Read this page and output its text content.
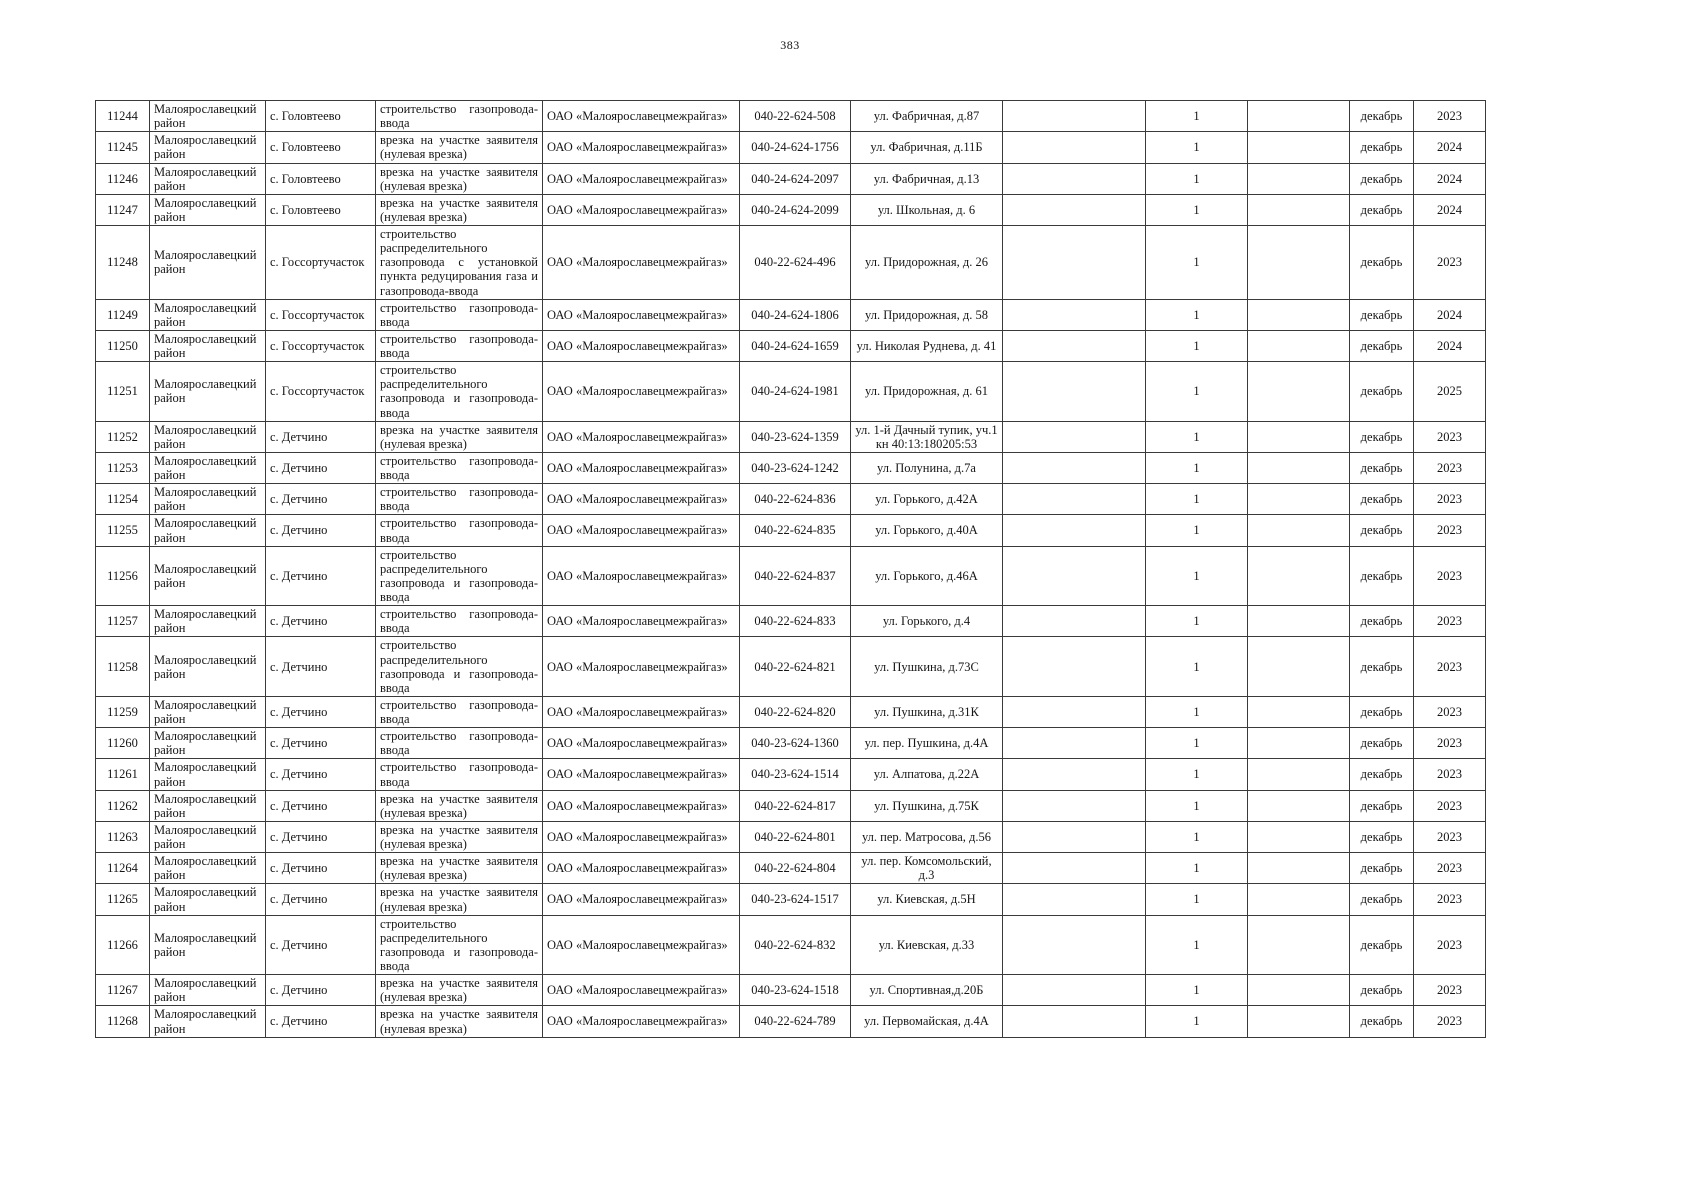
383
11244	Малоярославецкий район	с. Головтеево	строительство газопровода-ввода	ОАО «Малоярославецмежрайгаз»	040-22-624-508	ул. Фабричная, д.87		1		декабрь	2023
11245	Малоярославецкий район	с. Головтеево	врезка на участке заявителя (нулевая врезка)	ОАО «Малоярославецмежрайгаз»	040-24-624-1756	ул. Фабричная, д.11Б		1		декабрь	2024
11246	Малоярославецкий район	с. Головтеево	врезка на участке заявителя (нулевая врезка)	ОАО «Малоярославецмежрайгаз»	040-24-624-2097	ул. Фабричная, д.13		1		декабрь	2024
11247	Малоярославецкий район	с. Головтеево	врезка на участке заявителя (нулевая врезка)	ОАО «Малоярославецмежрайгаз»	040-24-624-2099	ул. Школьная, д. 6		1		декабрь	2024
11248	Малоярославецкий район	с. Госсортучасток	строительство распределительного газопровода с установкой пункта редуцирования газа и газопровода-ввода	ОАО «Малоярославецмежрайгаз»	040-22-624-496	ул. Придорожная, д. 26		1		декабрь	2023
11249	Малоярославецкий район	с. Госсортучасток	строительство газопровода-ввода	ОАО «Малоярославецмежрайгаз»	040-24-624-1806	ул. Придорожная, д. 58		1		декабрь	2024
11250	Малоярославецкий район	с. Госсортучасток	строительство газопровода-ввода	ОАО «Малоярославецмежрайгаз»	040-24-624-1659	ул. Николая Руднева, д. 41		1		декабрь	2024
11251	Малоярославецкий район	с. Госсортучасток	строительство распределительного газопровода и газопровода-ввода	ОАО «Малоярославецмежрайгаз»	040-24-624-1981	ул. Придорожная, д. 61		1		декабрь	2025
11252	Малоярославецкий район	с. Детчино	врезка на участке заявителя (нулевая врезка)	ОАО «Малоярославецмежрайгаз»	040-23-624-1359	ул. 1-й Дачный тупик, уч.1 кн 40:13:180205:53		1		декабрь	2023
11253	Малоярославецкий район	с. Детчино	строительство газопровода-ввода	ОАО «Малоярославецмежрайгаз»	040-23-624-1242	ул. Полунина, д.7а		1		декабрь	2023
11254	Малоярославецкий район	с. Детчино	строительство газопровода-ввода	ОАО «Малоярославецмежрайгаз»	040-22-624-836	ул. Горького, д.42А		1		декабрь	2023
11255	Малоярославецкий район	с. Детчино	строительство газопровода-ввода	ОАО «Малоярославецмежрайгаз»	040-22-624-835	ул. Горького, д.40А		1		декабрь	2023
11256	Малоярославецкий район	с. Детчино	строительство распределительного газопровода и газопровода-ввода	ОАО «Малоярославецмежрайгаз»	040-22-624-837	ул. Горького, д.46А		1		декабрь	2023
11257	Малоярославецкий район	с. Детчино	строительство газопровода-ввода	ОАО «Малоярославецмежрайгаз»	040-22-624-833	ул. Горького, д.4		1		декабрь	2023
11258	Малоярославецкий район	с. Детчино	строительство распределительного газопровода и газопровода-ввода	ОАО «Малоярославецмежрайгаз»	040-22-624-821	ул. Пушкина, д.73С		1		декабрь	2023
11259	Малоярославецкий район	с. Детчино	строительство газопровода-ввода	ОАО «Малоярославецмежрайгаз»	040-22-624-820	ул. Пушкина, д.31К		1		декабрь	2023
11260	Малоярославецкий район	с. Детчино	строительство газопровода-ввода	ОАО «Малоярославецмежрайгаз»	040-23-624-1360	ул. пер. Пушкина, д.4А		1		декабрь	2023
11261	Малоярославецкий район	с. Детчино	строительство газопровода-ввода	ОАО «Малоярославецмежрайгаз»	040-23-624-1514	ул. Алпатова, д.22А		1		декабрь	2023
11262	Малоярославецкий район	с. Детчино	врезка на участке заявителя (нулевая врезка)	ОАО «Малоярославецмежрайгаз»	040-22-624-817	ул. Пушкина, д.75К		1		декабрь	2023
11263	Малоярославецкий район	с. Детчино	врезка на участке заявителя (нулевая врезка)	ОАО «Малоярославецмежрайгаз»	040-22-624-801	ул. пер. Матросова, д.56		1		декабрь	2023
11264	Малоярославецкий район	с. Детчино	врезка на участке заявителя (нулевая врезка)	ОАО «Малоярославецмежрайгаз»	040-22-624-804	ул. пер. Комсомольский, д.3		1		декабрь	2023
11265	Малоярославецкий район	с. Детчино	врезка на участке заявителя (нулевая врезка)	ОАО «Малоярославецмежрайгаз»	040-23-624-1517	ул. Киевская, д.5Н		1		декабрь	2023
11266	Малоярославецкий район	с. Детчино	строительство распределительного газопровода и газопровода-ввода	ОАО «Малоярославецмежрайгаз»	040-22-624-832	ул. Киевская, д.33		1		декабрь	2023
11267	Малоярославецкий район	с. Детчино	врезка на участке заявителя (нулевая врезка)	ОАО «Малоярославецмежрайгаз»	040-23-624-1518	ул. Спортивная,д.20Б		1		декабрь	2023
11268	Малоярославецкий район	с. Детчино	врезка на участке заявителя (нулевая врезка)	ОАО «Малоярославецмежрайгаз»	040-22-624-789	ул. Первомайская, д.4А		1		декабрь	2023
